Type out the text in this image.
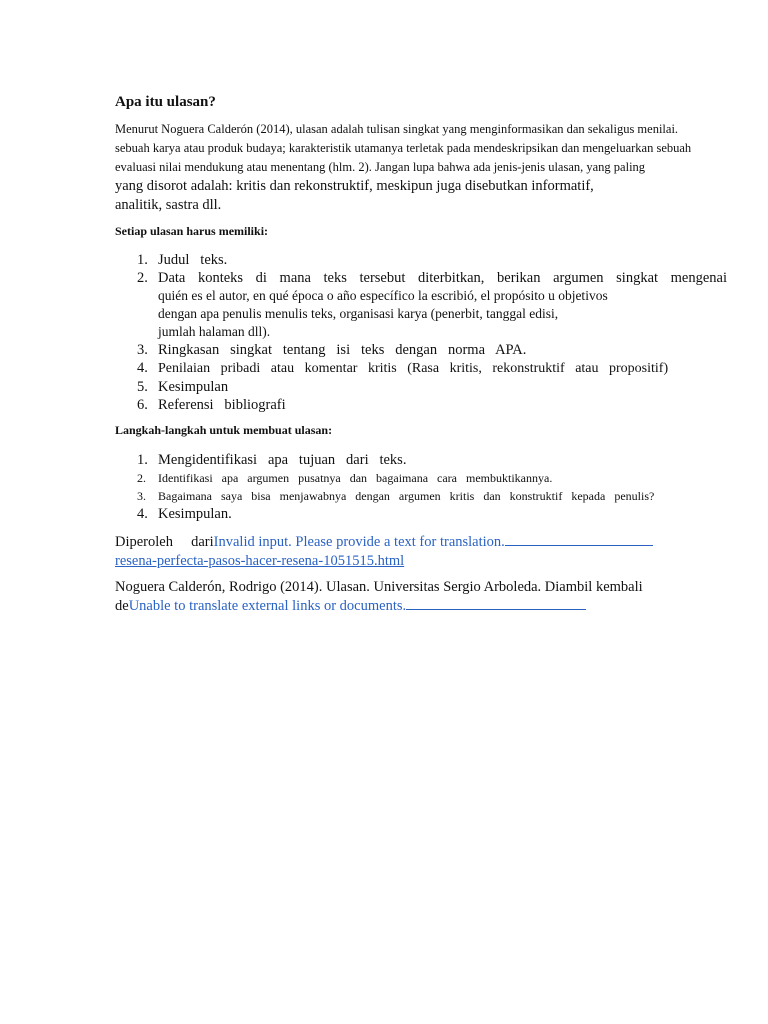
Apa itu ulasan?
Menurut Noguera Calderón (2014), ulasan adalah tulisan singkat yang menginformasikan dan sekaligus menilai.
sebuah karya atau produk budaya; karakteristik utamanya terletak pada mendeskripsikan dan mengeluarkan sebuah
evaluasi nilai mendukung atau menentang (hlm. 2). Jangan lupa bahwa ada jenis-jenis ulasan, yang paling
yang disorot adalah: kritis dan rekonstruktif, meskipun juga disebutkan informatif,
analitik, sastra dll.

Setiap ulasan harus memiliki:

1. Judul   teks.
2. Data konteks di mana teks tersebut diterbitkan, berikan argumen singkat mengenai
quién es el autor, en qué época o año específico la escribió, el propósito u objetivos
dengan apa penulis menulis teks, organisasi karya (penerbit, tanggal edisi,
jumlah halaman dll).
3. Ringkasan   singkat   tentang   isi   teks   dengan   norma   APA.
4. Penilaian   pribadi   atau   komentar   kritis   (Rasa   kritis,   rekonstruktif   atau   propositif)
5. Kesimpulan
6. Referensi   bibliografi

Langkah-langkah untuk membuat ulasan:

1. Mengidentifikasi   apa   tujuan   dari   teks.
2. Identifikasi   apa   argumen   pusatnya   dan   bagaimana   cara   membuktikannya.
3. Bagaimana   saya   bisa   menjawabnya   dengan   argumen   kritis   dan   konstruktif   kepada   penulis?
4. Kesimpulan.
Diperoleh     dariInvalid input. Please provide a text for translation.
resena-perfecta-pasos-hacer-resena-1051515.html
Noguera Calderón, Rodrigo (2014). Ulasan. Universitas Sergio Arboleda. Diambil kembali
deUnable to translate external links or documents.
